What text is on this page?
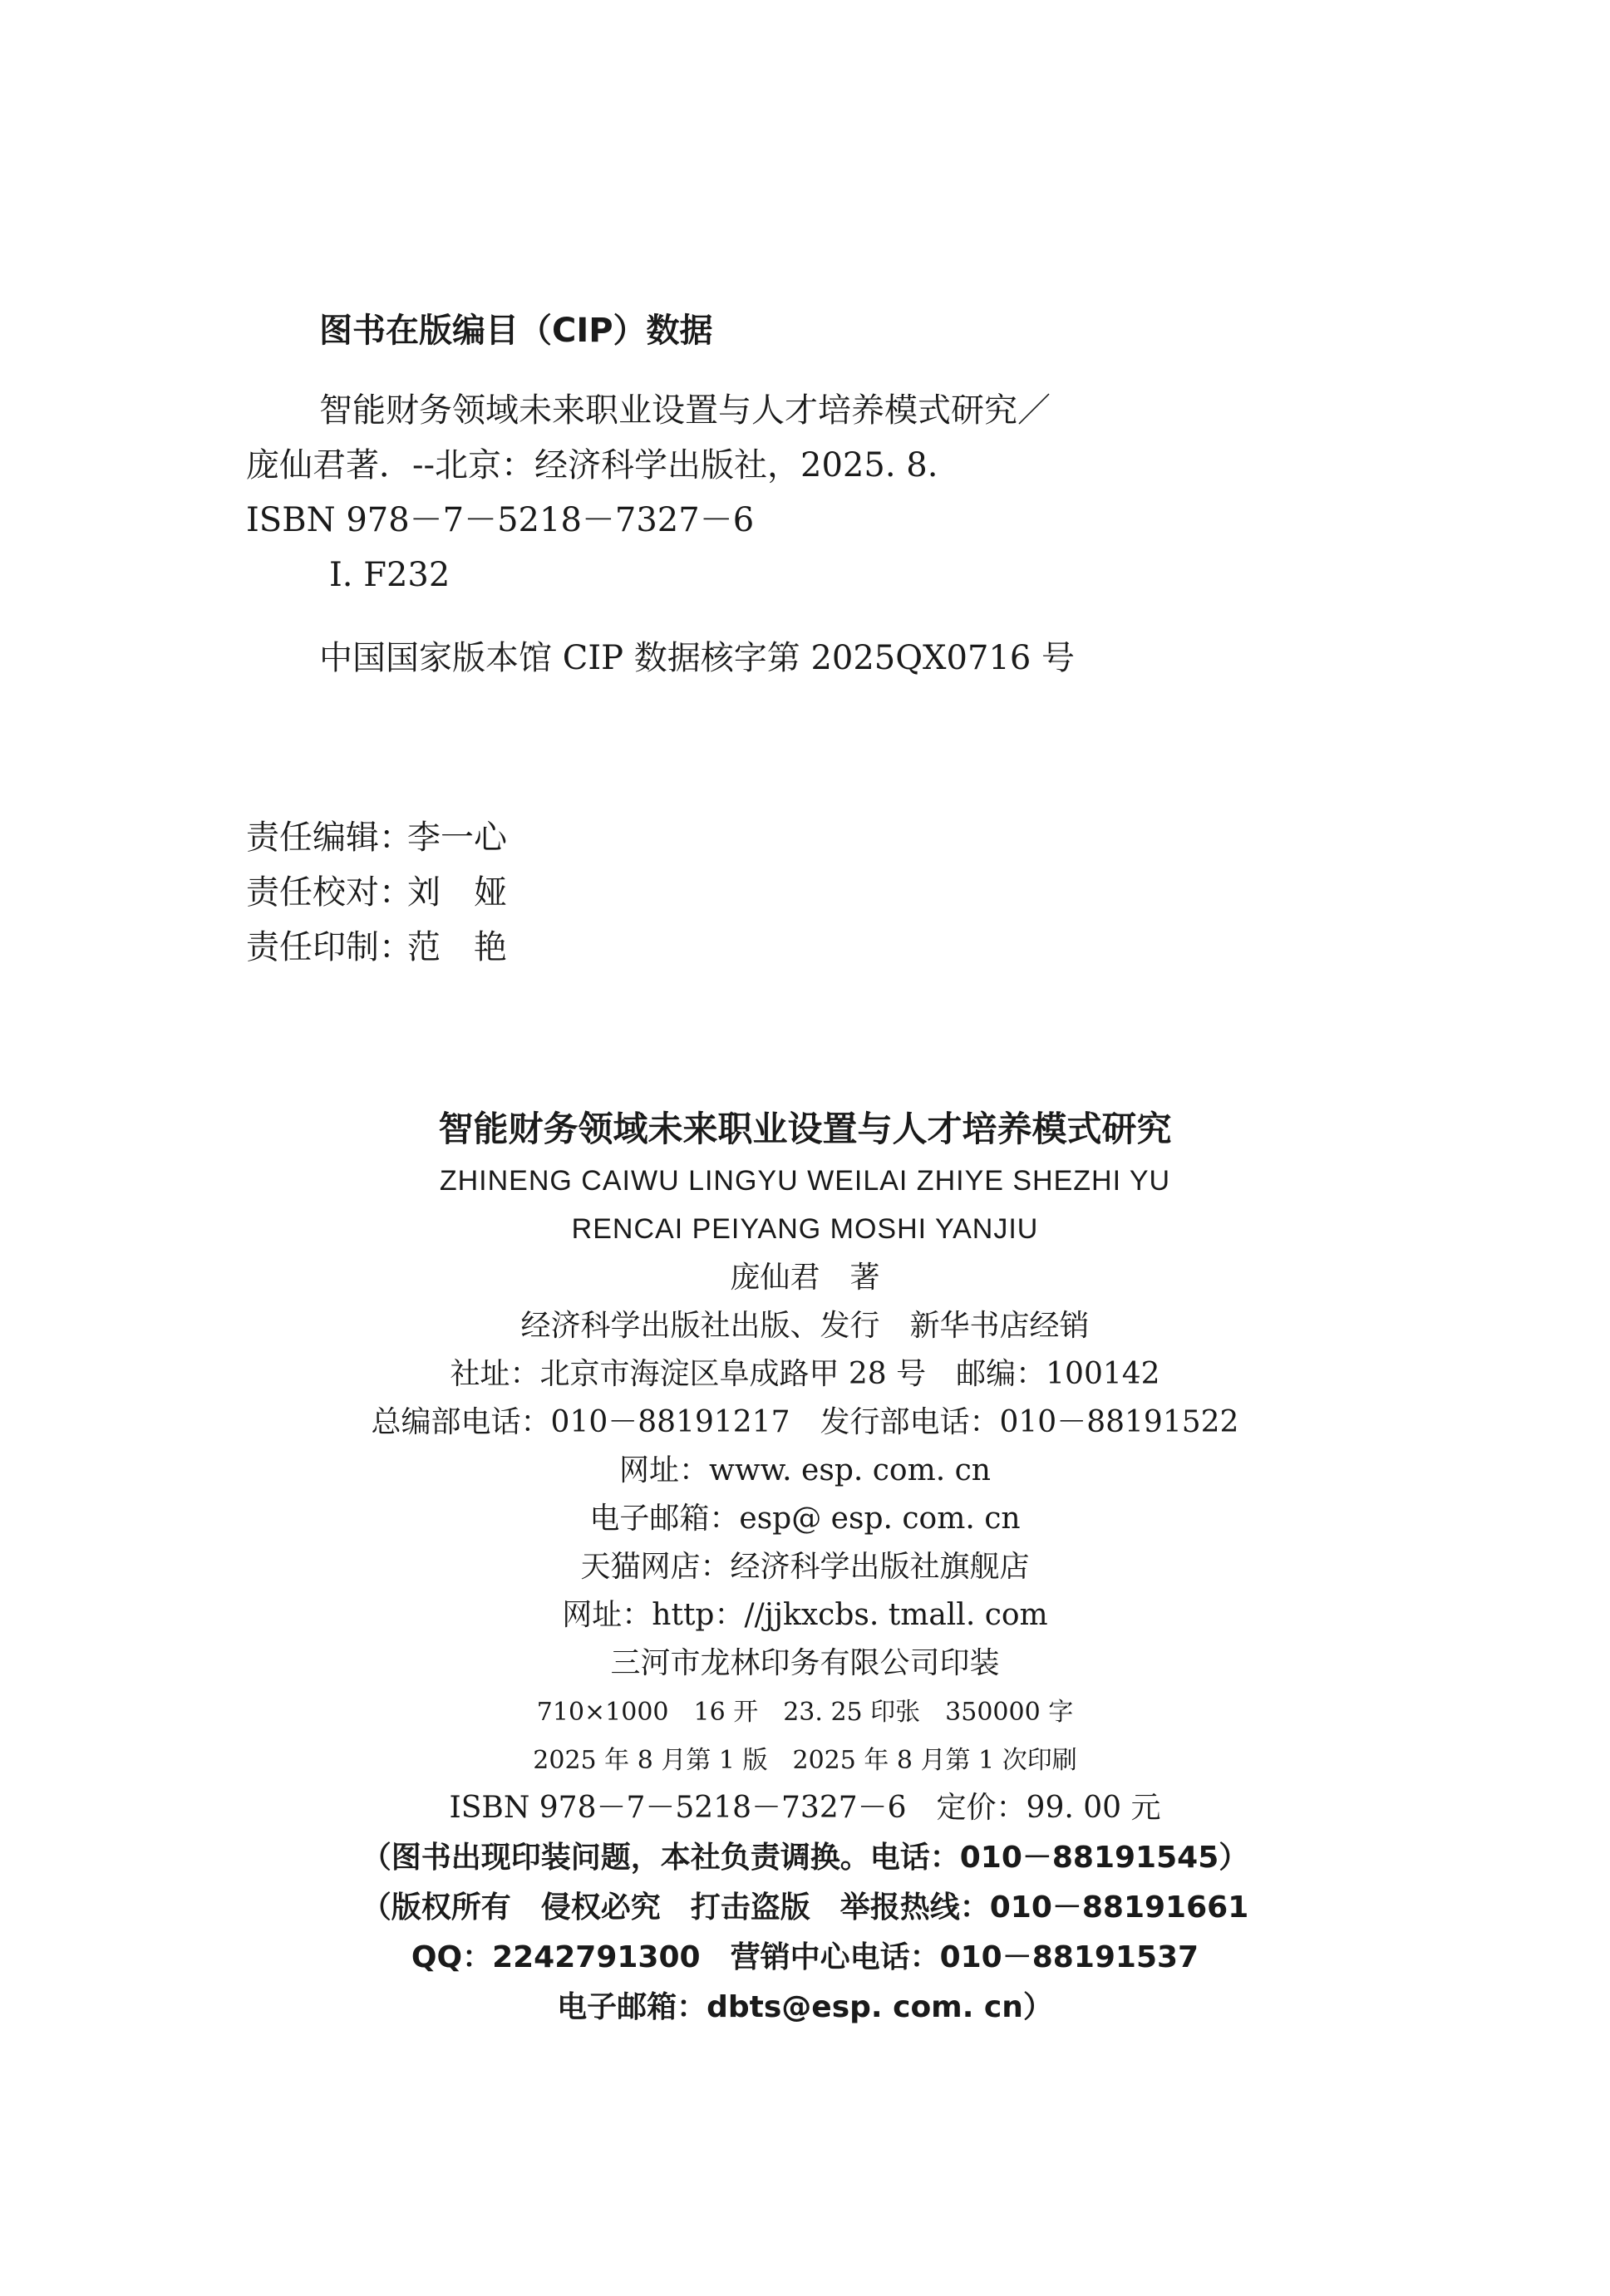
图书在版编目（CIP）数据
智能财务领域未来职业设置与人才培养模式研究／
庞仙君著．--北京：经济科学出版社，2025. 8.
ISBN 978－7－5218－7327－6
Ⅰ. F232
中国国家版本馆 CIP 数据核字第 2025QX0716 号
责任编辑：李一心
责任校对：刘　娅
责任印制：范　艳
智能财务领域未来职业设置与人才培养模式研究
ZHINENG CAIWU LINGYU WEILAI ZHIYE SHEZHI YU
RENCAI PEIYANG MOSHI YANJIU
庞仙君　著
经济科学出版社出版、发行　新华书店经销
社址：北京市海淀区阜成路甲 28 号　邮编：100142
总编部电话：010－88191217　发行部电话：010－88191522
网址：www. esp. com. cn
电子邮箱：esp@ esp. com. cn
天猫网店：经济科学出版社旗舰店
网址：http：//jjkxcbs. tmall. com
三河市龙林印务有限公司印装
710×1000　16 开　23. 25 印张　350000 字
2025 年 8 月第 1 版　2025 年 8 月第 1 次印刷
ISBN 978－7－5218－7327－6　定价：99. 00 元
（图书出现印装问题，本社负责调换。电话：010－88191545）
（版权所有　侵权必究　打击盗版　举报热线：010－88191661
QQ：2242791300　营销中心电话：010－88191537
电子邮箱：dbts@esp. com. cn）
